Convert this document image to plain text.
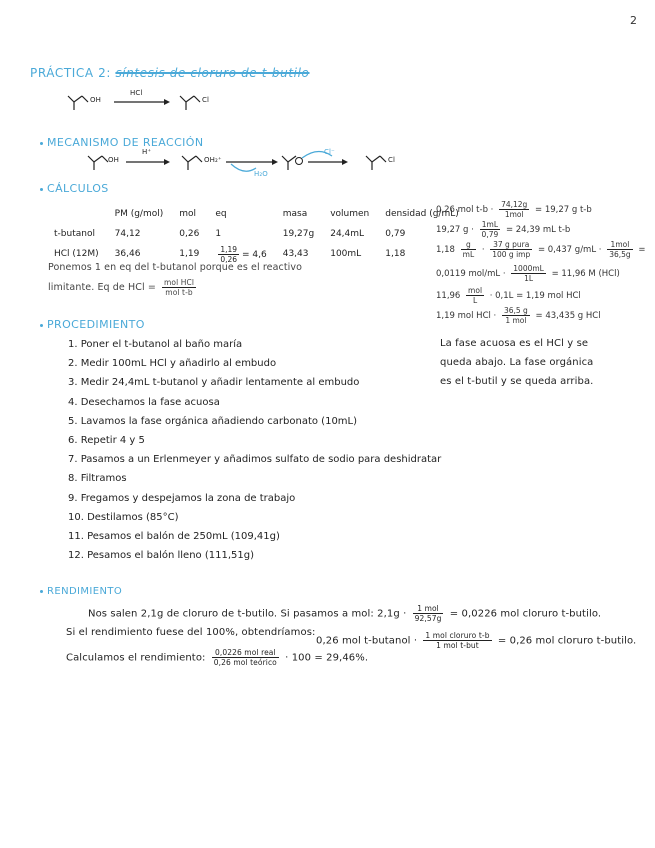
2
PRÁCTICA 2: síntesis de cloruro de t-butilo
OH
HCl
Cl
MECANISMO DE REACCIÓN
OH
H⁺
OH₂⁺
H₂O
Cl⁻
Cl
CÁLCULOS
	PM (g/mol)	mol	eq	masa	volumen	densidad (g/mL)
t-butanol	74,12	0,26	1	19,27g	24,4mL	0,79
HCl (12M)	36,46	1,19	$\frac{1,19}{0,26} = 4,6$	43,43	100mL	1,18
Ponemos 1 en eq del t-butanol porque es el reactivo
limitante. Eq de HCl = $\frac{\text{mol HCl}}{\text{mol t-b}}$
0,26 mol $t-b \cdot \frac{74,12g}{\text{1mol}} = 19,27$ g t-b
19,27 $g \cdot \frac{1mL}{0,79} = 24,39$ mL t-b
$1,18 \frac{g}{mL} \cdot \frac{\text{37 g pura}}{\text{100 g imp}} = 0,437$ $g/mL \cdot \frac{\text{1mol}}{36,5g}$ =
0,0119 $mol/mL \cdot \frac{1000mL}{1L} = 11,96$ M (HCl)
$11,96 \frac{\text{mol}}{L} \cdot 0,1L = 1,19$ mol HCl
1,19 mol HCl · $\frac{36,5 g}{\text{1 mol}} = 43,435$ g HCl
PROCEDIMIENTO
1. Poner el t-butanol al baño maría
2. Medir 100mL HCl y añadirlo al embudo
3. Medir 24,4mL t-butanol y añadir lentamente al embudo
4. Desechamos la fase acuosa
5. Lavamos la fase orgánica añadiendo carbonato (10mL)
6. Repetir 4 y 5
7. Pasamos a un Erlenmeyer y añadimos sulfato de sodio para deshidratar
8. Filtramos
9. Fregamos y despejamos la zona de trabajo
10. Destilamos (85°C)
11. Pesamos el balón de 250mL (109,41g)
12. Pesamos el balón lleno (111,51g)
La fase acuosa es el HCl y se
queda abajo. La fase orgánica
es el t-butil y se queda arriba.
RENDIMIENTO
Nos salen 2,1g de cloruro de t-butilo. Si pasamos a mol: $2,1g \cdot \frac{\text{1 mol}}{92,57g} = 0,0226$ mol cloruro t-butilo.
Si el rendimiento fuese del 100%, obtendríamos:
0,26 mol t-butanol · $\frac{\text{1 mol cloruro t-b}}{\text{1 mol t-but}} = 0,26$ mol cloruro t-butilo.
Calculamos el rendimiento: $\frac{\text{0,0226 mol real}}{\text{0,26 mol teórico}} \cdot 100 = 29,46\%$.
